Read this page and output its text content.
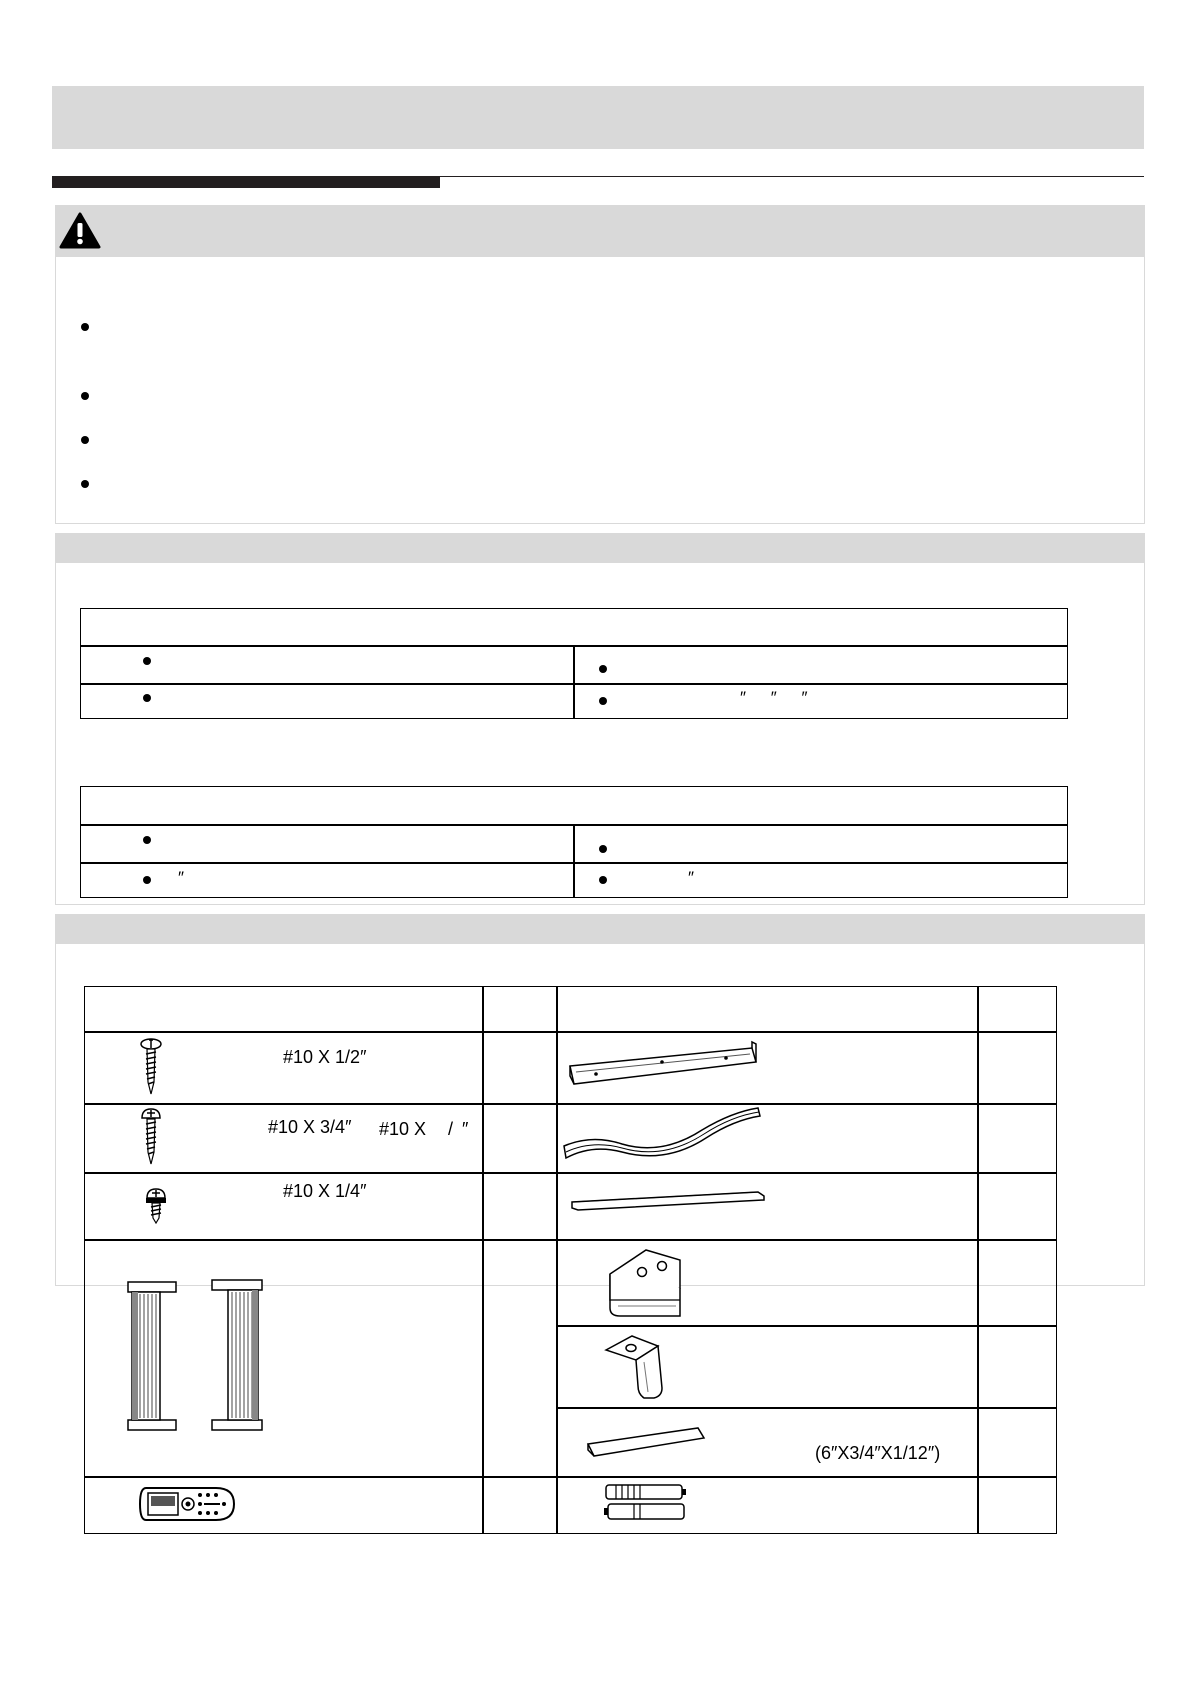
″ ″ ″
″	″
#10 X 1/2″
#10 X 3/4″ #10 X / ″
#10 X 1/4″
(6″X3/4″X1/12″)
